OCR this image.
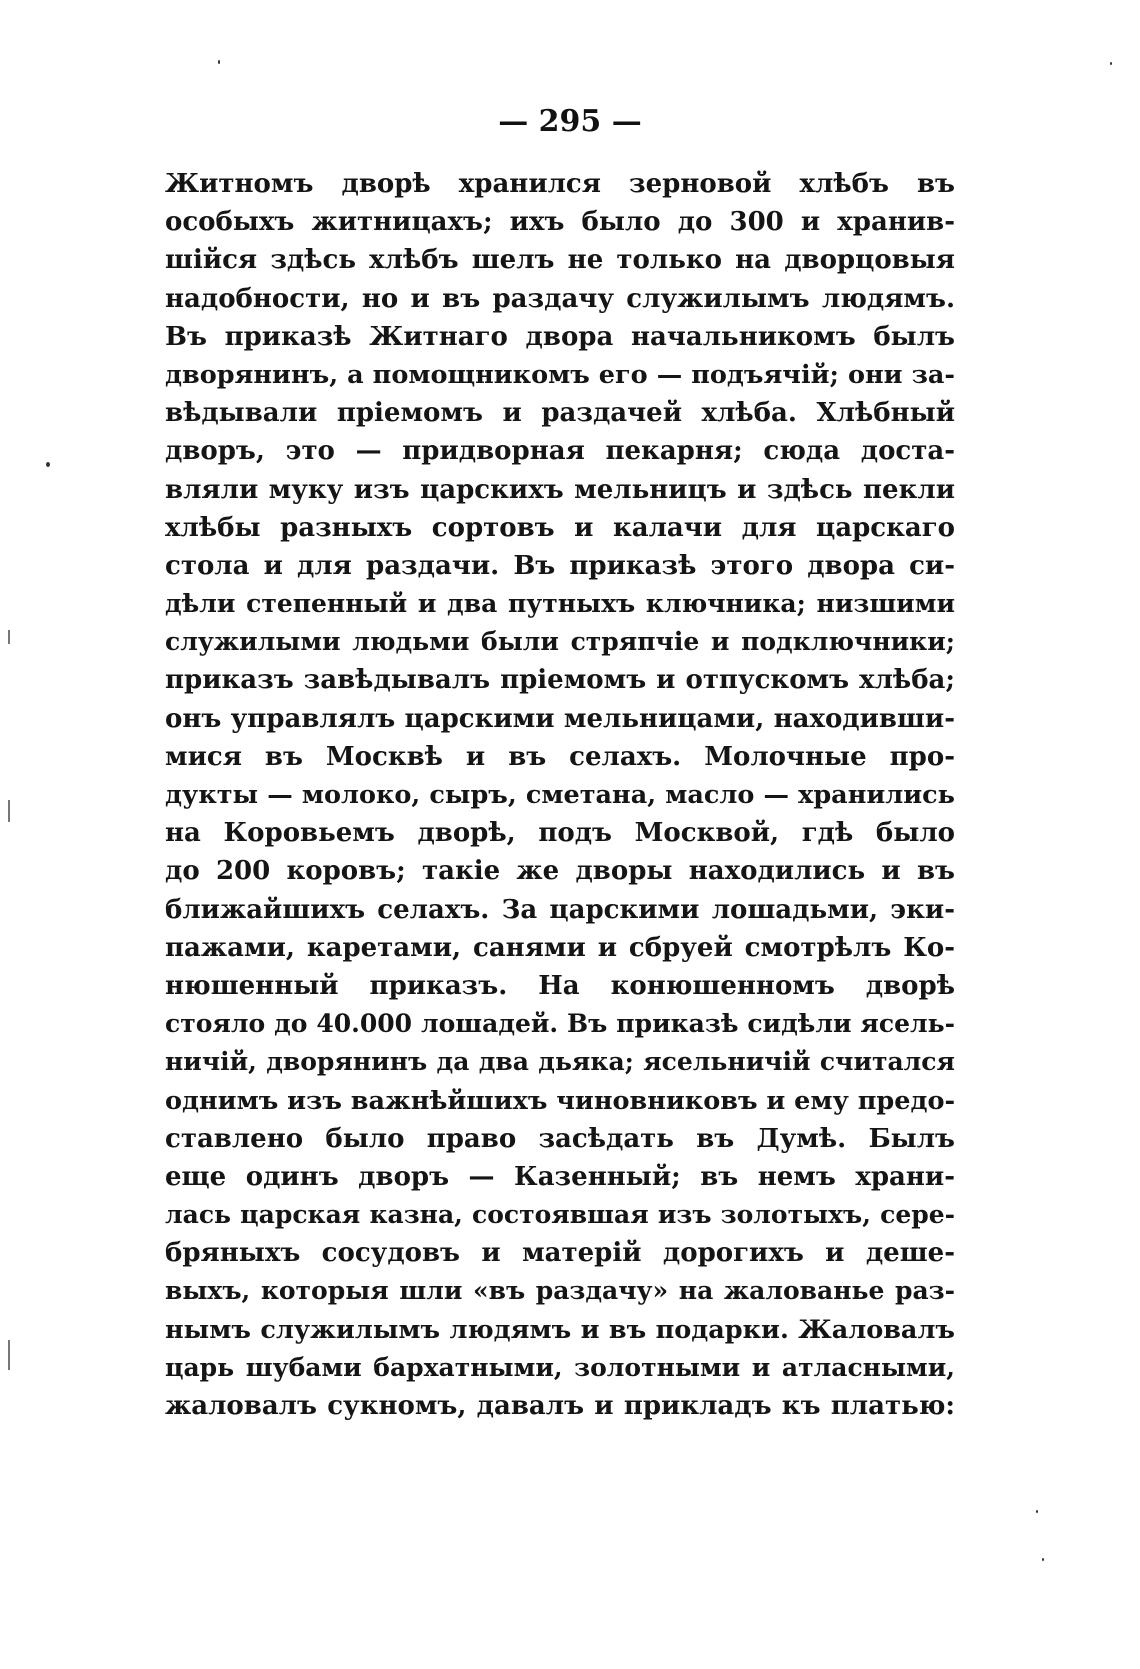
— 295 —
Житномъ дворѣ хранился зерновой хлѣбъ въ
особыхъ житницахъ; ихъ было до 300 и хранив-
шійся здѣсь хлѣбъ шелъ не только на дворцовыя
надобности, но и въ раздачу служилымъ людямъ.
Въ приказѣ Житнаго двора начальникомъ былъ
дворянинъ, а помощникомъ его — подъячій; они за-
вѣдывали пріемомъ и раздачей хлѣба. Хлѣбный
дворъ, это — придворная пекарня; сюда доста-
вляли муку изъ царскихъ мельницъ и здѣсь пекли
хлѣбы разныхъ сортовъ и калачи для царскаго
стола и для раздачи. Въ приказѣ этого двора си-
дѣли степенный и два путныхъ ключника; низшими
служилыми людьми были стряпчіе и подключники;
приказъ завѣдывалъ пріемомъ и отпускомъ хлѣба;
онъ управлялъ царскими мельницами, находивши-
мися въ Москвѣ и въ селахъ. Молочные про-
дукты — молоко, сыръ, сметана, масло — хранились
на Коровьемъ дворѣ, подъ Москвой, гдѣ было
до 200 коровъ; такіе же дворы находились и въ
ближайшихъ селахъ. За царскими лошадьми, эки-
пажами, каретами, санями и сбруей смотрѣлъ Ко-
нюшенный приказъ. На конюшенномъ дворѣ
стояло до 40.000 лошадей. Въ приказѣ сидѣли ясель-
ничій, дворянинъ да два дьяка; ясельничій считался
однимъ изъ важнѣйшихъ чиновниковъ и ему предо-
ставлено было право засѣдать въ Думѣ. Былъ
еще одинъ дворъ — Казенный; въ немъ храни-
лась царская казна, состоявшая изъ золотыхъ, сере-
бряныхъ сосудовъ и матерій дорогихъ и деше-
выхъ, которыя шли «въ раздачу» на жалованье раз-
нымъ служилымъ людямъ и въ подарки. Жаловалъ
царь шубами бархатными, золотными и атласными,
жаловалъ сукномъ, давалъ и прикладъ къ платью:
